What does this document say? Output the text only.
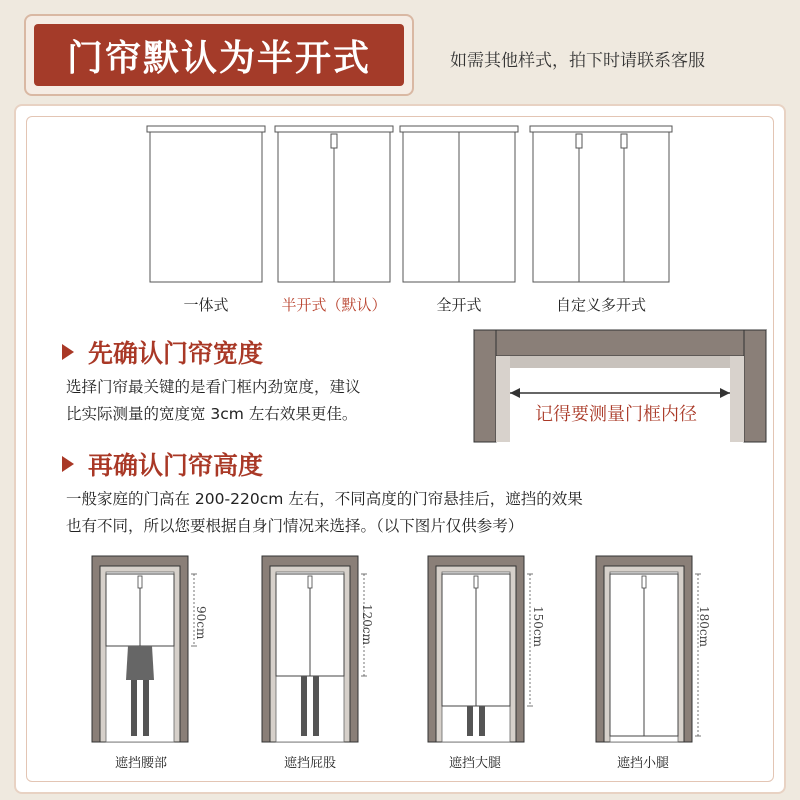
门帘默认为半开式	如需其他样式，拍下时请联系客服
一体式	半开式（默认）	全开式	自定义多开式
先确认门帘宽度
选择门帘最关键的是看门框内劲宽度，建议
比实际测量的宽度宽 3cm 左右效果更佳。	记得要测量门框内径
再确认门帘高度
一般家庭的门高在 200-220cm 左右，不同高度的门帘悬挂后，遮挡的效果
也有不同，所以您要根据自身门情况来选择。（以下图片仅供参考）
90cm	120cm	150cm	180cm
遮挡腰部	遮挡屁股	遮挡大腿	遮挡小腿
